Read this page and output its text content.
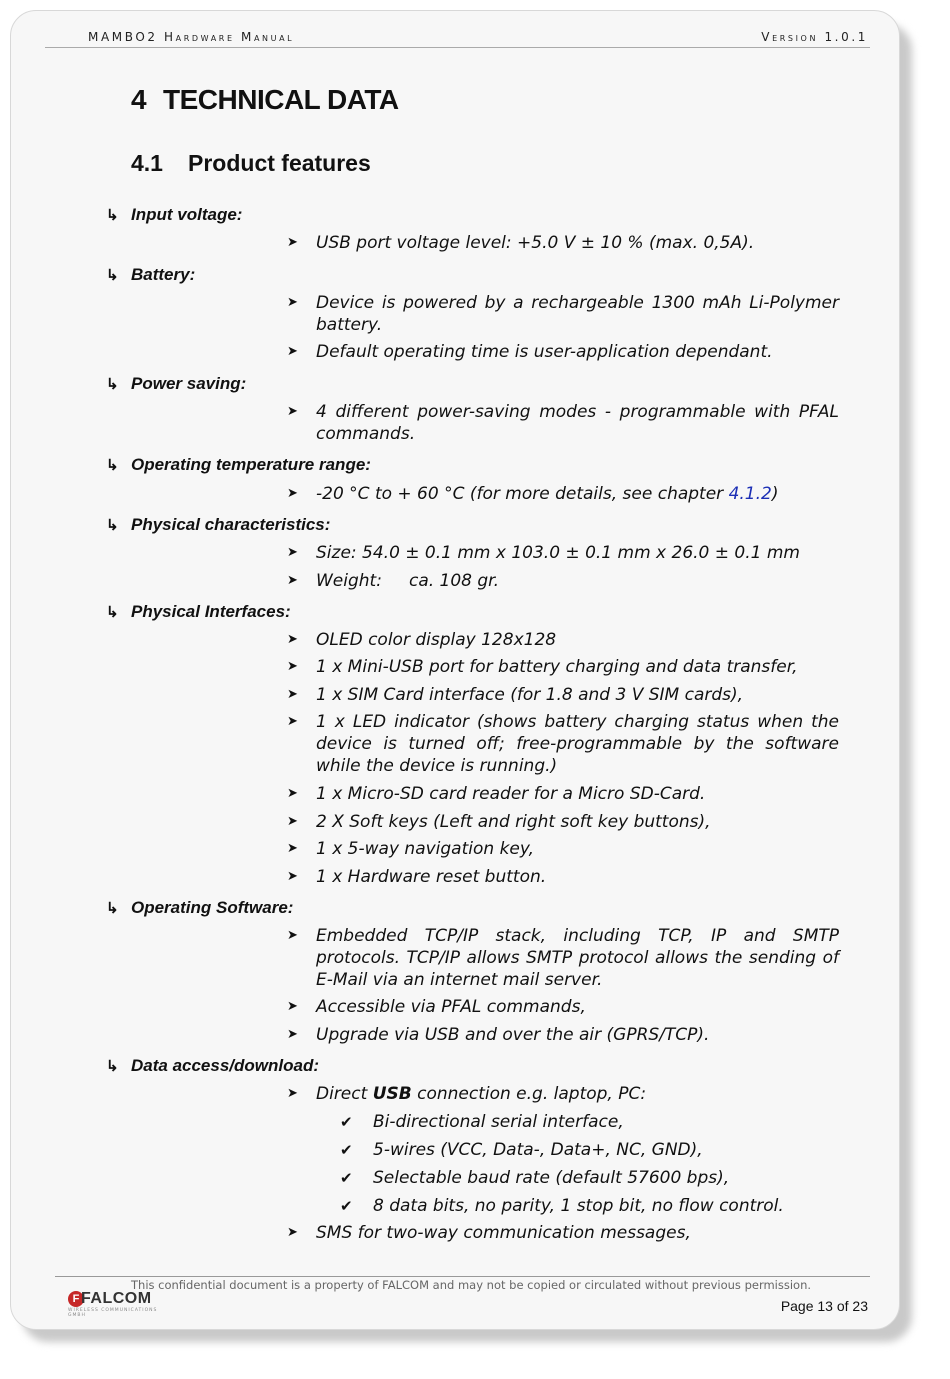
MAMBO2 Hardware Manual	Version 1.0.1
4 TECHNICAL DATA
4.1 Product features
↳ Input voltage:
➤ USB port voltage level: +5.0 V ± 10 % (max. 0,5A).
↳ Battery:
➤ Device is powered by a rechargeable 1300 mAh Li-Polymer battery.
➤ Default operating time is user-application dependant.
↳ Power saving:
➤ 4 different power-saving modes - programmable with PFAL commands.
↳ Operating temperature range:
➤ -20 °C to + 60 °C (for more details, see chapter 4.1.2)
↳ Physical characteristics:
➤ Size: 54.0 ± 0.1 mm x 103.0 ± 0.1 mm x 26.0 ± 0.1 mm
➤ Weight:     ca. 108 gr.
↳ Physical Interfaces:
➤ OLED color display 128x128
➤ 1 x Mini-USB port for battery charging and data transfer,
➤ 1 x SIM Card interface (for 1.8 and 3 V SIM cards),
➤ 1 x LED indicator (shows battery charging status when the device is turned off; free-programmable by the software while the device is running.)
➤ 1 x Micro-SD card reader for a Micro SD-Card.
➤ 2 X Soft keys (Left and right soft key buttons),
➤ 1 x 5-way navigation key,
➤ 1 x Hardware reset button.
↳ Operating Software:
➤ Embedded TCP/IP stack, including TCP, IP and SMTP protocols. TCP/IP allows SMTP protocol allows the sending of E-Mail via an internet mail server.
➤ Accessible via PFAL commands,
➤ Upgrade via USB and over the air (GPRS/TCP).
↳ Data access/download:
➤ Direct USB connection e.g. laptop, PC:
✔ Bi-directional serial interface,
✔ 5-wires (VCC, Data-, Data+, NC, GND),
✔ Selectable baud rate (default 57600 bps),
✔ 8 data bits, no parity, 1 stop bit, no flow control.
➤ SMS for two-way communication messages,
This confidential document is a property of FALCOM and may not be copied or circulated without previous permission.
F FALCOM
WIRELESS COMMUNICATIONS GMBH
Page 13 of 23
